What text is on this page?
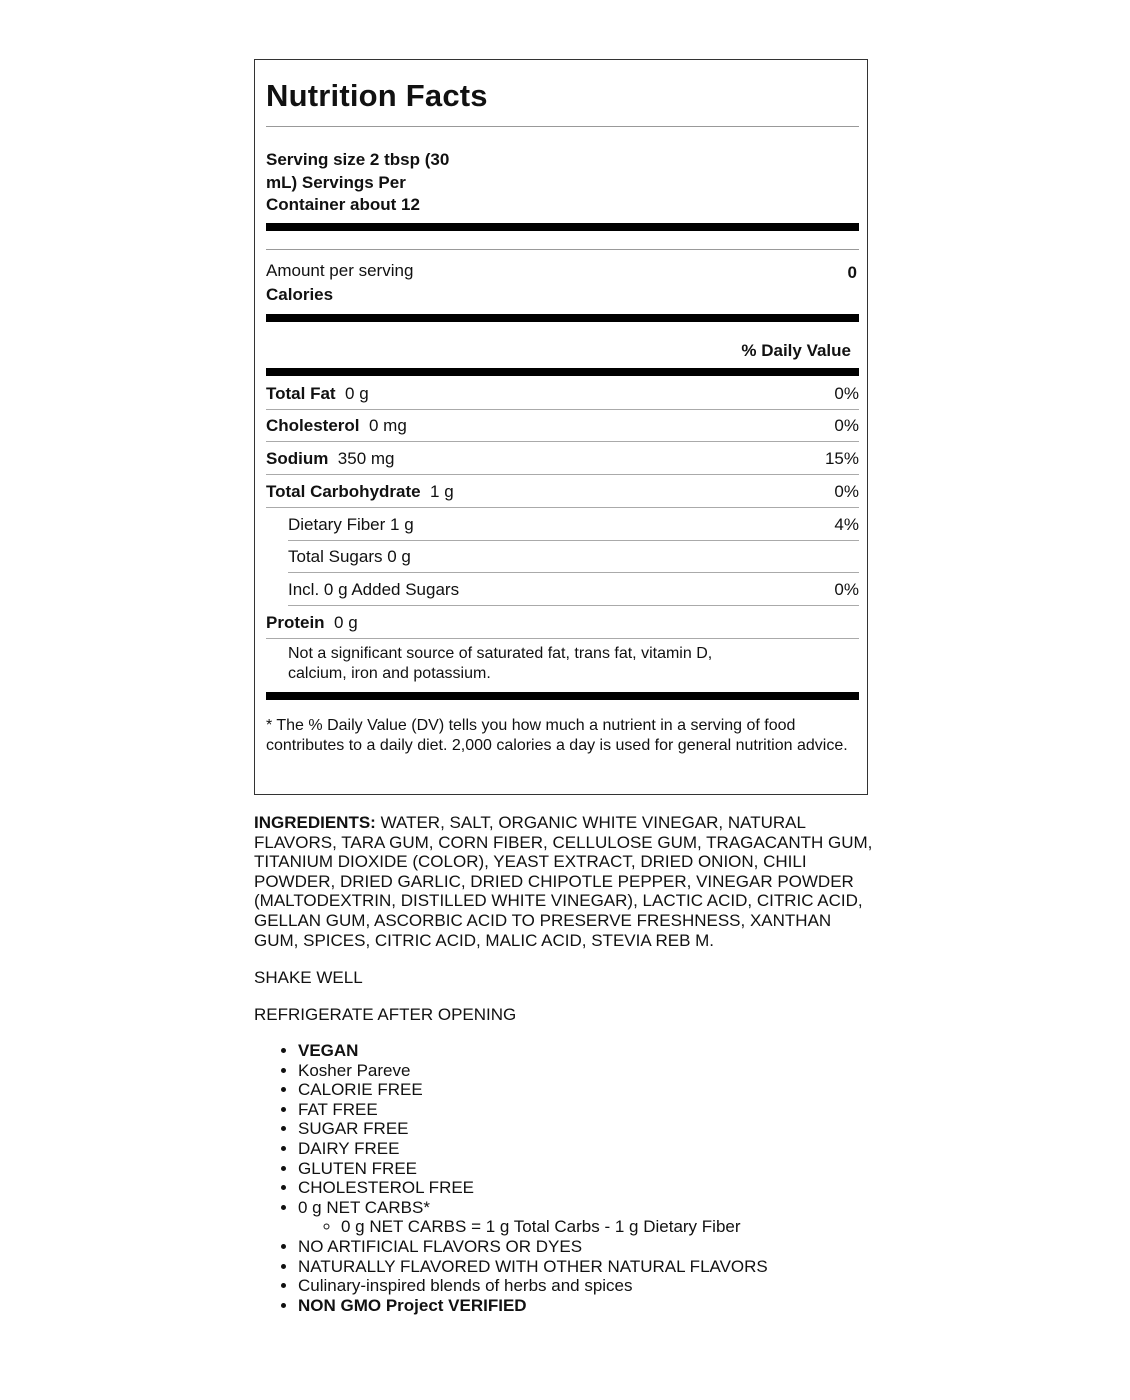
Nutrition Facts
Serving size 2 tbsp (30
mL) Servings Per
Container about 12
Amount per serving
Calories
0
% Daily Value
Total Fat 0 g	0%
Cholesterol 0 mg	0%
Sodium 350 mg	15%
Total Carbohydrate 1 g	0%
Dietary Fiber 1 g	4%
Total Sugars 0 g
Incl. 0 g Added Sugars	0%
Protein 0 g
Not a significant source of saturated fat, trans fat, vitamin D, calcium, iron and potassium.
* The % Daily Value (DV) tells you how much a nutrient in a serving of food contributes to a daily diet. 2,000 calories a day is used for general nutrition advice.
INGREDIENTS: WATER, SALT, ORGANIC WHITE VINEGAR, NATURAL FLAVORS, TARA GUM, CORN FIBER, CELLULOSE GUM, TRAGACANTH GUM, TITANIUM DIOXIDE (COLOR), YEAST EXTRACT, DRIED ONION, CHILI POWDER, DRIED GARLIC, DRIED CHIPOTLE PEPPER, VINEGAR POWDER (MALTODEXTRIN, DISTILLED WHITE VINEGAR), LACTIC ACID, CITRIC ACID, GELLAN GUM, ASCORBIC ACID TO PRESERVE FRESHNESS, XANTHAN GUM, SPICES, CITRIC ACID, MALIC ACID, STEVIA REB M.
SHAKE WELL
REFRIGERATE AFTER OPENING
• VEGAN
• Kosher Pareve
• CALORIE FREE
• FAT FREE
• SUGAR FREE
• DAIRY FREE
• GLUTEN FREE
• CHOLESTEROL FREE
• 0 g NET CARBS*
◦ 0 g NET CARBS = 1 g Total Carbs - 1 g Dietary Fiber
• NO ARTIFICIAL FLAVORS OR DYES
• NATURALLY FLAVORED WITH OTHER NATURAL FLAVORS
• Culinary-inspired blends of herbs and spices
• NON GMO Project VERIFIED
